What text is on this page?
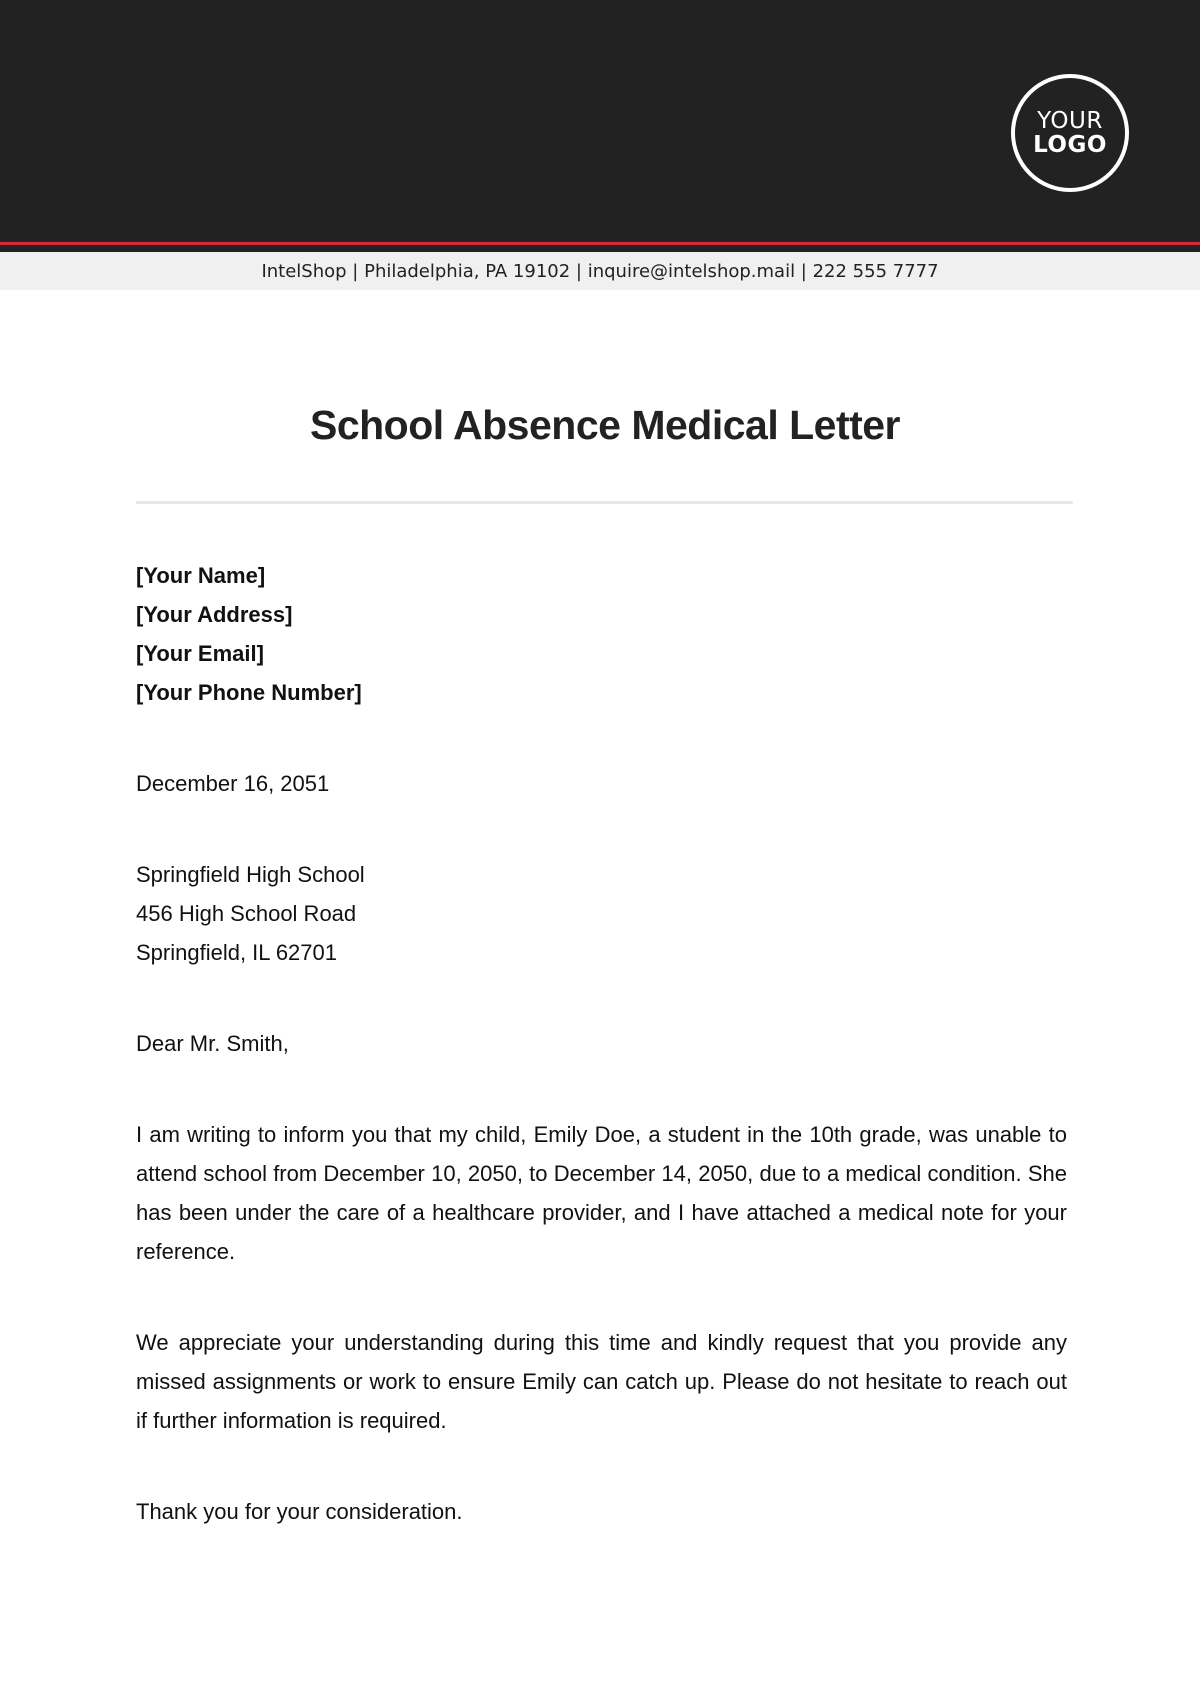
YOUR
LOGO
IntelShop | Philadelphia, PA 19102 | inquire@intelshop.mail | 222 555 7777
School Absence Medical Letter
[Your Name]
[Your Address]
[Your Email]
[Your Phone Number]
December 16, 2051
Springfield High School
456 High School Road
Springfield, IL 62701
Dear Mr. Smith,

I am writing to inform you that my child, Emily Doe, a student in the 10th grade, was unable to attend school from December 10, 2050, to December 14, 2050, due to a medical condition. She has been under the care of a healthcare provider, and I have attached a medical note for your reference.

We appreciate your understanding during this time and kindly request that you provide any missed assignments or work to ensure Emily can catch up. Please do not hesitate to reach out if further information is required.

Thank you for your consideration.
